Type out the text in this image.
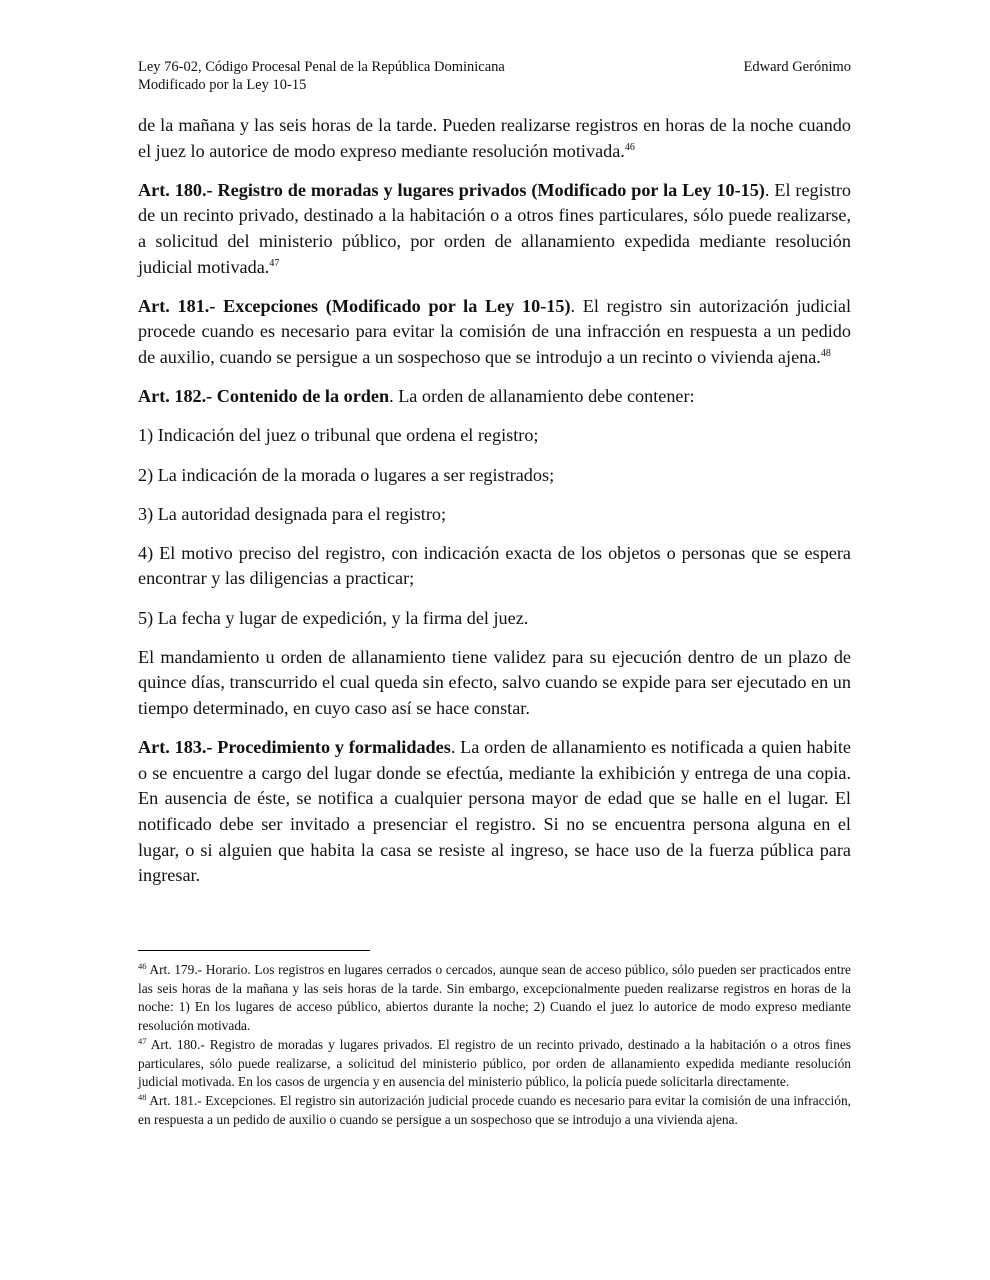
Ley 76-02, Código Procesal Penal de la República Dominicana
Modificado por la Ley 10-15
Edward Gerónimo

de la mañana y las seis horas de la tarde. Pueden realizarse registros en horas de la noche cuando el juez lo autorice de modo expreso mediante resolución motivada.$^{46}$

Art. 180.- Registro de moradas y lugares privados (Modificado por la Ley 10-15). El registro de un recinto privado, destinado a la habitación o a otros fines particulares, sólo puede realizarse, a solicitud del ministerio público, por orden de allanamiento expedida mediante resolución judicial motivada.$^{47}$

Art. 181.- Excepciones (Modificado por la Ley 10-15). El registro sin autorización judicial procede cuando es necesario para evitar la comisión de una infracción en respuesta a un pedido de auxilio, cuando se persigue a un sospechoso que se introdujo a un recinto o vivienda ajena.$^{48}$

Art. 182.- Contenido de la orden. La orden de allanamiento debe contener:

1) Indicación del juez o tribunal que ordena el registro;

2) La indicación de la morada o lugares a ser registrados;

3) La autoridad designada para el registro;

4) El motivo preciso del registro, con indicación exacta de los objetos o personas que se espera encontrar y las diligencias a practicar;

5) La fecha y lugar de expedición, y la firma del juez.

El mandamiento u orden de allanamiento tiene validez para su ejecución dentro de un plazo de quince días, transcurrido el cual queda sin efecto, salvo cuando se expide para ser ejecutado en un tiempo determinado, en cuyo caso así se hace constar.

Art. 183.- Procedimiento y formalidades. La orden de allanamiento es notificada a quien habite o se encuentre a cargo del lugar donde se efectúa, mediante la exhibición y entrega de una copia. En ausencia de éste, se notifica a cualquier persona mayor de edad que se halle en el lugar. El notificado debe ser invitado a presenciar el registro. Si no se encuentra persona alguna en el lugar, o si alguien que habita la casa se resiste al ingreso, se hace uso de la fuerza pública para ingresar.

$^{46}$ Art. 179.- Horario. Los registros en lugares cerrados o cercados, aunque sean de acceso público, sólo pueden ser practicados entre las seis horas de la mañana y las seis horas de la tarde. Sin embargo, excepcionalmente pueden realizarse registros en horas de la noche: 1) En los lugares de acceso público, abiertos durante la noche; 2) Cuando el juez lo autorice de modo expreso mediante resolución motivada.

$^{47}$ Art. 180.- Registro de moradas y lugares privados. El registro de un recinto privado, destinado a la habitación o a otros fines particulares, sólo puede realizarse, a solicitud del ministerio público, por orden de allanamiento expedida mediante resolución judicial motivada. En los casos de urgencia y en ausencia del ministerio público, la policía puede solicitarla directamente.

$^{48}$ Art. 181.- Excepciones. El registro sin autorización judicial procede cuando es necesario para evitar la comisión de una infracción, en respuesta a un pedido de auxilio o cuando se persigue a un sospechoso que se introdujo a una vivienda ajena.
